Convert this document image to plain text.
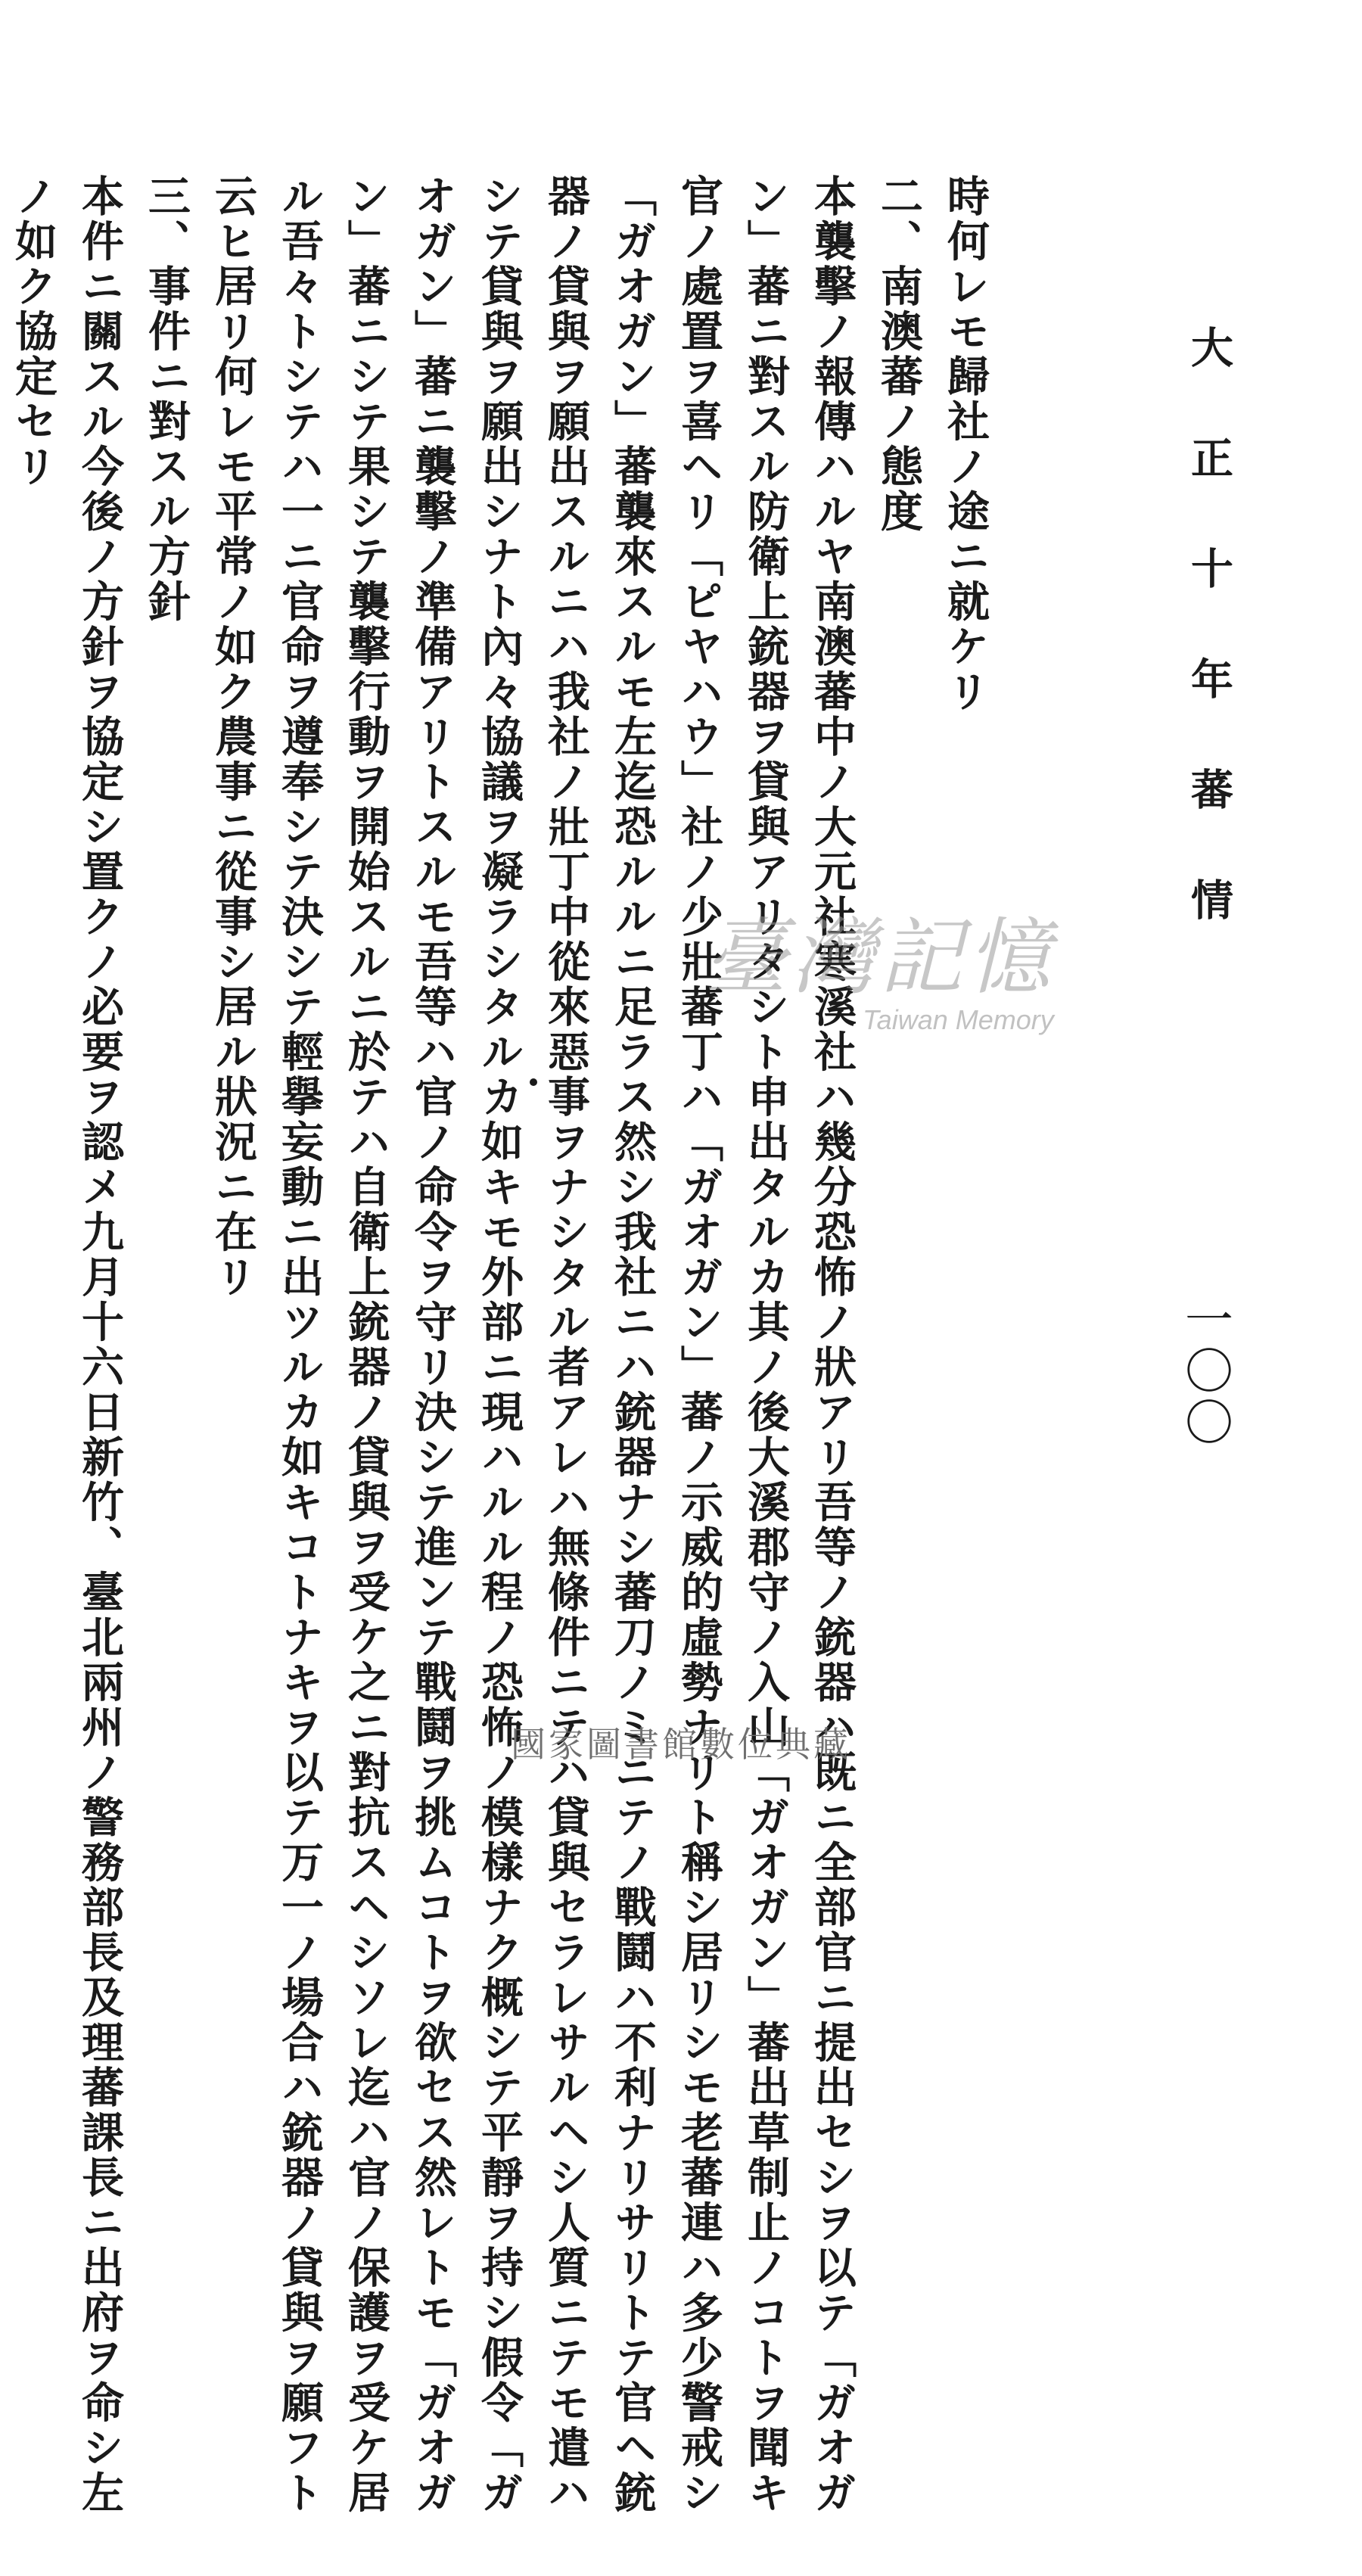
大正十年蕃情
一〇〇
時何レモ歸社ノ途ニ就ケリ
二、南澳蕃ノ態度
本襲擊ノ報傳ハルヤ南澳蕃中ノ大元社寒溪社ハ幾分恐怖ノ狀アリ吾等ノ銃器ハ既ニ全部官ニ提出セシヲ以テ「ガオガ
ン」蕃ニ對スル防衛上銃器ヲ貸與アリタシト申出タルカ其ノ後大溪郡守ノ入山「ガオガン」蕃出草制止ノコトヲ聞キ
官ノ處置ヲ喜ヘリ「ピヤハウ」社ノ少壯蕃丁ハ「ガオガン」蕃ノ示威的虛勢ナリト稱シ居リシモ老蕃連ハ多少警戒シ
「ガオガン」蕃襲來スルモ左迄恐ルルニ足ラス然シ我社ニハ銃器ナシ蕃刀ノミニテノ戰鬪ハ不利ナリサリトテ官ヘ銃
器ノ貸與ヲ願出スルニハ我社ノ壯丁中從來惡事ヲナシタル者アレハ無條件ニテハ貸與セラレサルヘシ人質ニテモ遣ハ
シテ貸與ヲ願出シナト內々協議ヲ凝ラシタルカ如キモ外部ニ現ハルル程ノ恐怖ノ模樣ナク概シテ平靜ヲ持シ假令「ガ
オガン」蕃ニ襲擊ノ準備アリトスルモ吾等ハ官ノ命令ヲ守リ決シテ進ンテ戰鬪ヲ挑ムコトヲ欲セス然レトモ「ガオガ
ン」蕃ニシテ果シテ襲擊行動ヲ開始スルニ於テハ自衛上銃器ノ貸與ヲ受ケ之ニ對抗スヘシソレ迄ハ官ノ保護ヲ受ケ居
ル吾々トシテハ一ニ官命ヲ遵奉シテ決シテ輕擧妄動ニ出ツルカ如キコトナキヲ以テ万一ノ場合ハ銃器ノ貸與ヲ願フト
云ヒ居リ何レモ平常ノ如ク農事ニ從事シ居ル狀況ニ在リ
三、事件ニ對スル方針
本件ニ關スル今後ノ方針ヲ協定シ置クノ必要ヲ認メ九月十六日新竹、臺北兩州ノ警務部長及理蕃課長ニ出府ヲ命シ左
ノ如ク協定セリ
臺灣記憶
Taiwan Memory
國家圖書館數位典藏
